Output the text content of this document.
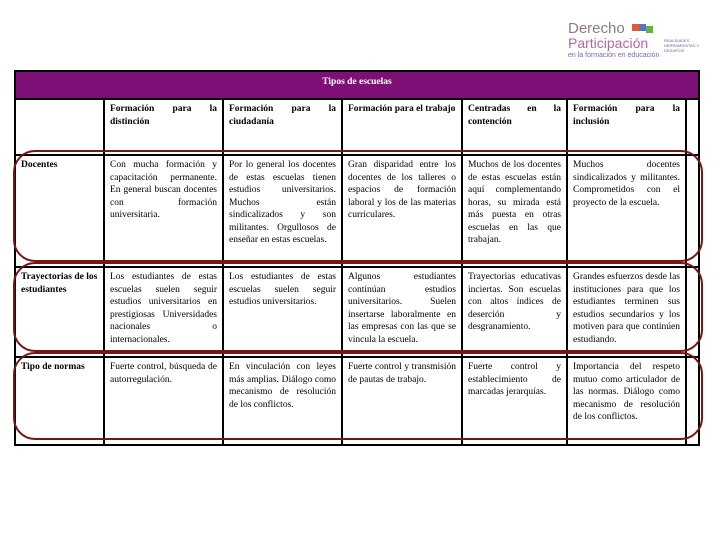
Derecho
Participación
en la formación en educación
REALIDADES, HERRAMIENTAS Y DESAFÍOS
Tipos de escuelas						
	Formación para la distinción	Formación para la ciudadanía	Formación para el trabajo	Centradas en la contención	Formación para la inclusión	
Docentes	Con mucha formación y capacitación permanente. En general buscan docentes con formación universitaria.	Por lo general los docentes de estas escuelas tienen estudios universitarios. Muchos están sindicalizados y son militantes. Orgullosos de enseñar en estas escuelas.	Gran disparidad entre los docentes de los talleres o espacios de formación laboral y los de las materias curriculares.	Muchos de los docentes de estas escuelas están aquí complementando horas, su mirada está más puesta en otras escuelas en las que trabajan.	Muchos docentes sindicalizados y militantes. Comprometidos con el proyecto de la escuela.	
Trayectorias de los estudiantes	Los estudiantes de estas escuelas suelen seguir estudios universitarios en prestigiosas Universidades nacionales o internacionales.	Los estudiantes de estas escuelas suelen seguir estudios universitarios.	Algunos estudiantes continúan estudios universitarios. Suelen insertarse laboralmente en las empresas con las que se vincula la escuela.	Trayectorias educativas inciertas. Son escuelas con altos índices de deserción y desgranamiento.	Grandes esfuerzos desde las instituciones para que los estudiantes terminen sus estudios secundarios y los motiven para que continúen estudiando.	
Tipo de normas	Fuerte control, búsqueda de autorregulación.	En vinculación con leyes más amplias. Diálogo como mecanismo de resolución de los conflictos.	Fuerte control y transmisión de pautas de trabajo.	Fuerte control y establecimiento de marcadas jerarquías.	Importancia del respeto mutuo como articulador de las normas. Diálogo como mecanismo de resolución de los conflictos.	
